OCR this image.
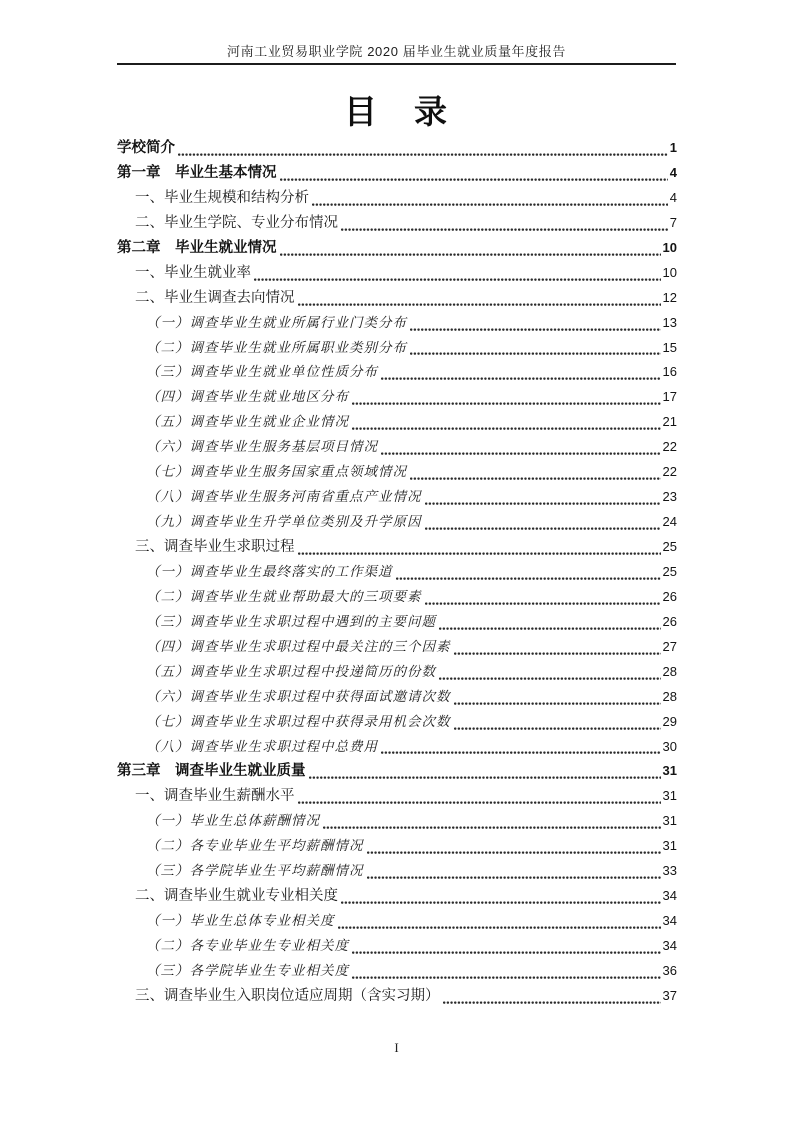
河南工业贸易职业学院 2020 届毕业生就业质量年度报告
目　录
学校简介	1
第一章　毕业生基本情况	4
一、毕业生规模和结构分析	4
二、毕业生学院、专业分布情况	7
第二章　毕业生就业情况	10
一、毕业生就业率	10
二、毕业生调查去向情况	12
（一）调查毕业生就业所属行业门类分布	13
（二）调查毕业生就业所属职业类别分布	15
（三）调查毕业生就业单位性质分布	16
（四）调查毕业生就业地区分布	17
（五）调查毕业生就业企业情况	21
（六）调查毕业生服务基层项目情况	22
（七）调查毕业生服务国家重点领域情况	22
（八）调查毕业生服务河南省重点产业情况	23
（九）调查毕业生升学单位类别及升学原因	24
三、调查毕业生求职过程	25
（一）调查毕业生最终落实的工作渠道	25
（二）调查毕业生就业帮助最大的三项要素	26
（三）调查毕业生求职过程中遇到的主要问题	26
（四）调查毕业生求职过程中最关注的三个因素	27
（五）调查毕业生求职过程中投递简历的份数	28
（六）调查毕业生求职过程中获得面试邀请次数	28
（七）调查毕业生求职过程中获得录用机会次数	29
（八）调查毕业生求职过程中总费用	30
第三章　调查毕业生就业质量	31
一、调查毕业生薪酬水平	31
（一）毕业生总体薪酬情况	31
（二）各专业毕业生平均薪酬情况	31
（三）各学院毕业生平均薪酬情况	33
二、调查毕业生就业专业相关度	34
（一）毕业生总体专业相关度	34
（二）各专业毕业生专业相关度	34
（三）各学院毕业生专业相关度	36
三、调查毕业生入职岗位适应周期（含实习期）	37
I
